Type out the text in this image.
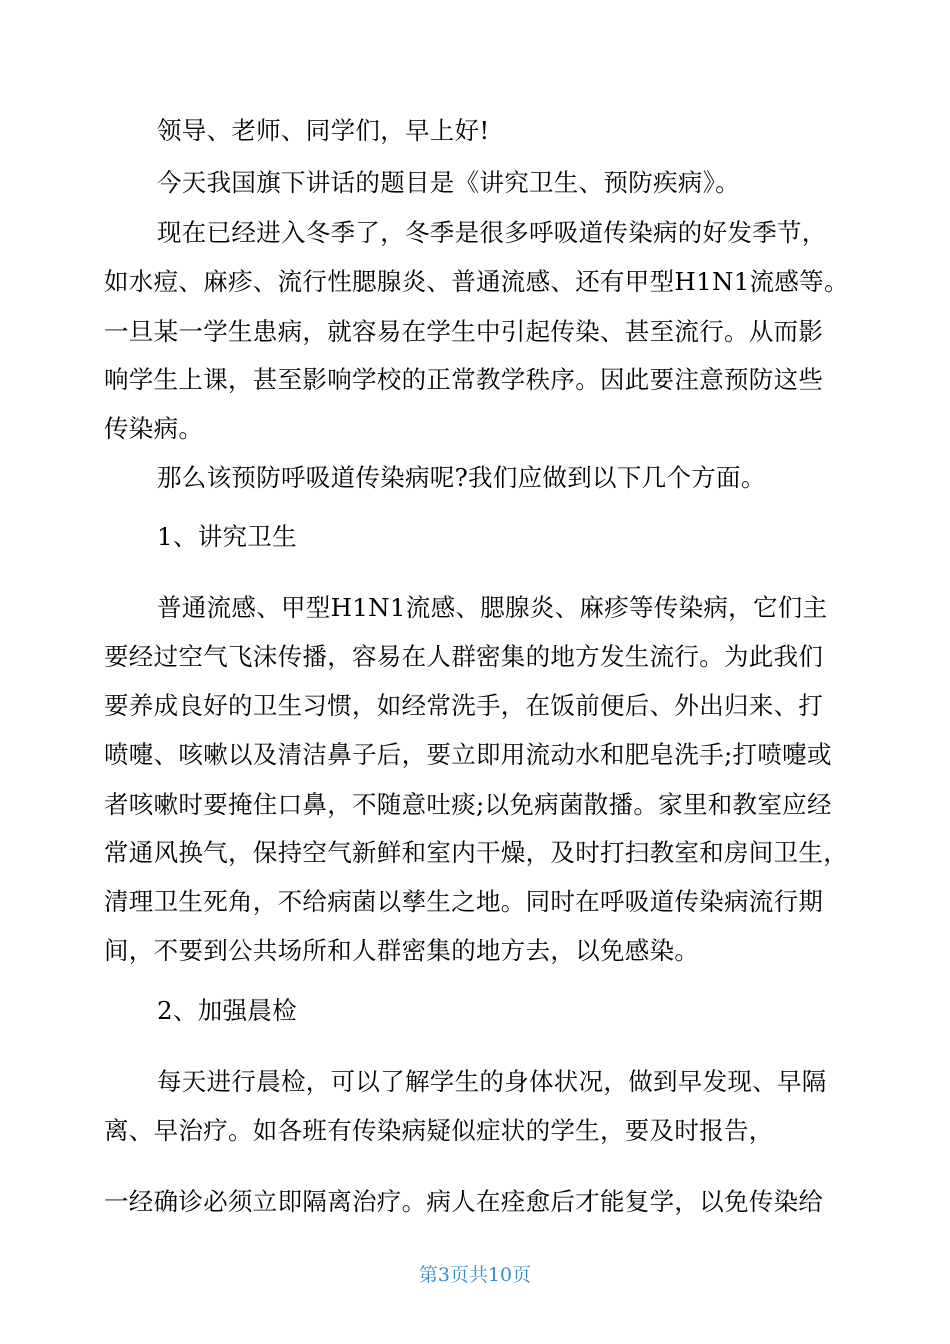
领导、老师、同学们，早上好!
今天我国旗下讲话的题目是《讲究卫生、预防疾病》。
现在已经进入冬季了，冬季是很多呼吸道传染病的好发季节，
如水痘、麻疹、流行性腮腺炎、普通流感、还有甲型H1N1流感等。
一旦某一学生患病，就容易在学生中引起传染、甚至流行。从而影
响学生上课，甚至影响学校的正常教学秩序。因此要注意预防这些
传染病。
那么该预防呼吸道传染病呢?我们应做到以下几个方面。
1、讲究卫生
普通流感、甲型H1N1流感、腮腺炎、麻疹等传染病，它们主
要经过空气飞沫传播，容易在人群密集的地方发生流行。为此我们
要养成良好的卫生习惯，如经常洗手，在饭前便后、外出归来、打
喷嚏、咳嗽以及清洁鼻子后，要立即用流动水和肥皂洗手;打喷嚏或
者咳嗽时要掩住口鼻，不随意吐痰;以免病菌散播。家里和教室应经
常通风换气，保持空气新鲜和室内干燥，及时打扫教室和房间卫生，
清理卫生死角，不给病菌以孳生之地。同时在呼吸道传染病流行期
间，不要到公共场所和人群密集的地方去，以免感染。
2、加强晨检
每天进行晨检，可以了解学生的身体状况，做到早发现、早隔
离、早治疗。如各班有传染病疑似症状的学生，要及时报告，
一经确诊必须立即隔离治疗。病人在痊愈后才能复学，以免传染给
第3页共10页
